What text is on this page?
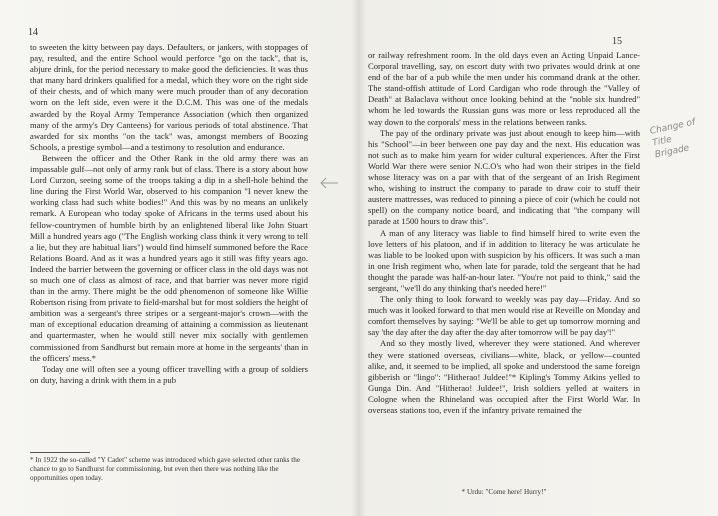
14

to sweeten the kitty between pay days. Defaulters, or jankers, with stoppages of pay, resulted, and the entire School would perforce "go on the tack", that is, abjure drink, for the period necessary to make good the deficiencies. It was thus that many hard drinkers qualified for a medal, which they wore on the right side of their chests, and of which many were much prouder than of any decoration worn on the left side, even were it the D.C.M. This was one of the medals awarded by the Royal Army Temperance Association (which then organized many of the army's Dry Canteens) for various periods of total abstinence. That awarded for six months "on the tack" was, amongst members of Boozing Schools, a prestige symbol—and a testimony to resolution and endurance.

Between the officer and the Other Rank in the old army there was an impassable gulf—not only of army rank but of class. There is a story about how Lord Curzon, seeing some of the troops taking a dip in a shell-hole behind the line during the First World War, observed to his companion "I never knew the working class had such white bodies!" And this was by no means an unlikely remark. A European who today spoke of Africans in the terms used about his fellow-countrymen of humble birth by an enlightened liberal like John Stuart Mill a hundred years ago ("The English working class think it very wrong to tell a lie, but they are habitual liars") would find himself summoned before the Race Relations Board. And as it was a hundred years ago it still was fifty years ago. Indeed the barrier between the governing or officer class in the old days was not so much one of class as almost of race, and that barrier was never more rigid than in the army. There might be the odd phenomenon of someone like Willie Robertson rising from private to field-marshal but for most soldiers the height of ambition was a sergeant's three stripes or a sergeant-major's crown—with the man of exceptional education dreaming of attaining a commission as lieutenant and quartermaster, when he would still never mix socially with gentlemen commissioned from Sandhurst but remain more at home in the sergeants' than in the officers' mess.*

Today one will often see a young officer travelling with a group of soldiers on duty, having a drink with them in a pub

* In 1922 the so-called "Y Cadet" scheme was introduced which gave selected other ranks the chance to go to Sandhurst for commissioning, but even then there was nothing like the opportunities open today.
15

or railway refreshment room. In the old days even an Acting Unpaid Lance-Corporal travelling, say, on escort duty with two privates would drink at one end of the bar of a pub while the men under his command drank at the other. The stand-offish attitude of Lord Cardigan who rode through the "Valley of Death" at Balaclava without once looking behind at the "noble six hundred" whom he led towards the Russian guns was more or less reproduced all the way down to the corporals' mess in the relations between ranks.

The pay of the ordinary private was just about enough to keep him—with his "School"—in beer between one pay day and the next. His education was not such as to make him yearn for wider cultural experiences. After the First World War there were senior N.C.O's who had won their stripes in the field whose literacy was on a par with that of the sergeant of an Irish Regiment who, wishing to instruct the company to parade to draw coir to stuff their austere mattresses, was reduced to pinning a piece of coir (which he could not spell) on the company notice board, and indicating that "the company will parade at 1500 hours to draw this".

A man of any literacy was liable to find himself hired to write even the love letters of his platoon, and if in addition to literacy he was articulate he was liable to be looked upon with suspicion by his officers. It was such a man in one Irish regiment who, when late for parade, told the sergeant that he had thought the parade was half-an-hour later. "You're not paid to think," said the sergeant, "we'll do any thinking that's needed here!"

The only thing to look forward to weekly was pay day—Friday. And so much was it looked forward to that men would rise at Reveille on Monday and comfort themselves by saying: "We'll be able to get up tomorrow morning and say 'the day after the day after the day after tomorrow will be pay day'!"

And so they mostly lived, wherever they were stationed. And wherever they were stationed overseas, civilians—white, black, or yellow—counted alike, and, it seemed to be implied, all spoke and understood the same foreign gibberish or "lingo": "Hitherao! Juldee!"* Kipling's Tommy Atkins yelled to Gunga Din. And "Hitherao! Juldee!", Irish soldiers yelled at waiters in Cologne when the Rhineland was occupied after the First World War. In overseas stations too, even if the infantry private remained the

* Urdu: "Come here! Hurry!"
Change of
Title
Brigade
